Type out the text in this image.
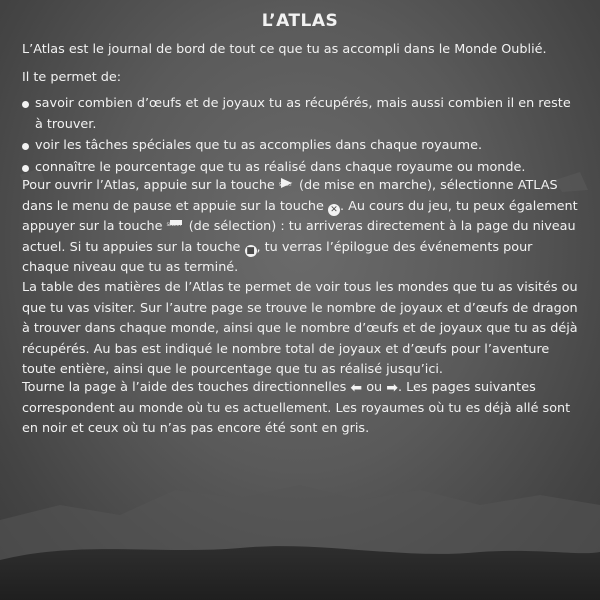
L’ATLAS
L’Atlas est le journal de bord de tout ce que tu as accompli dans le Monde Oublié.
Il te permet de:
savoir combien d’œufs et de joyaux tu as récupérés, mais aussi combien il en reste à trouver.
voir les tâches spéciales que tu as accomplies dans chaque royaume.
connaître le pourcentage que tu as réalisé dans chaque royaume ou monde.
Pour ouvrir l’Atlas, appuie sur la touche START (de mise en marche), sélectionne ATLAS dans le menu de pause et appuie sur la touche ✕ . Au cours du jeu, tu peux également appuyer sur la touche SELECT (de sélection) : tu arriveras directement à la page du niveau actuel. Si tu appuies sur la touche ■ , tu verras l’épilogue des événements pour chaque niveau que tu as terminé.
La table des matières de l’Atlas te permet de voir tous les mondes que tu as visités ou que tu vas visiter. Sur l’autre page se trouve le nombre de joyaux et d’œufs de dragon à trouver dans chaque monde, ainsi que le nombre d’œufs et de joyaux que tu as déjà récupérés. Au bas est indiqué le nombre total de joyaux et d’œufs pour l’aventure toute entière, ainsi que le pourcentage que tu as réalisé jusqu’ici.
Tourne la page à l’aide des touches directionnelles ⬅ ou ➡. Les pages suivantes correspondent au monde où tu es actuellement. Les royaumes où tu es déjà allé sont en noir et ceux où tu n’as pas encore été sont en gris.
